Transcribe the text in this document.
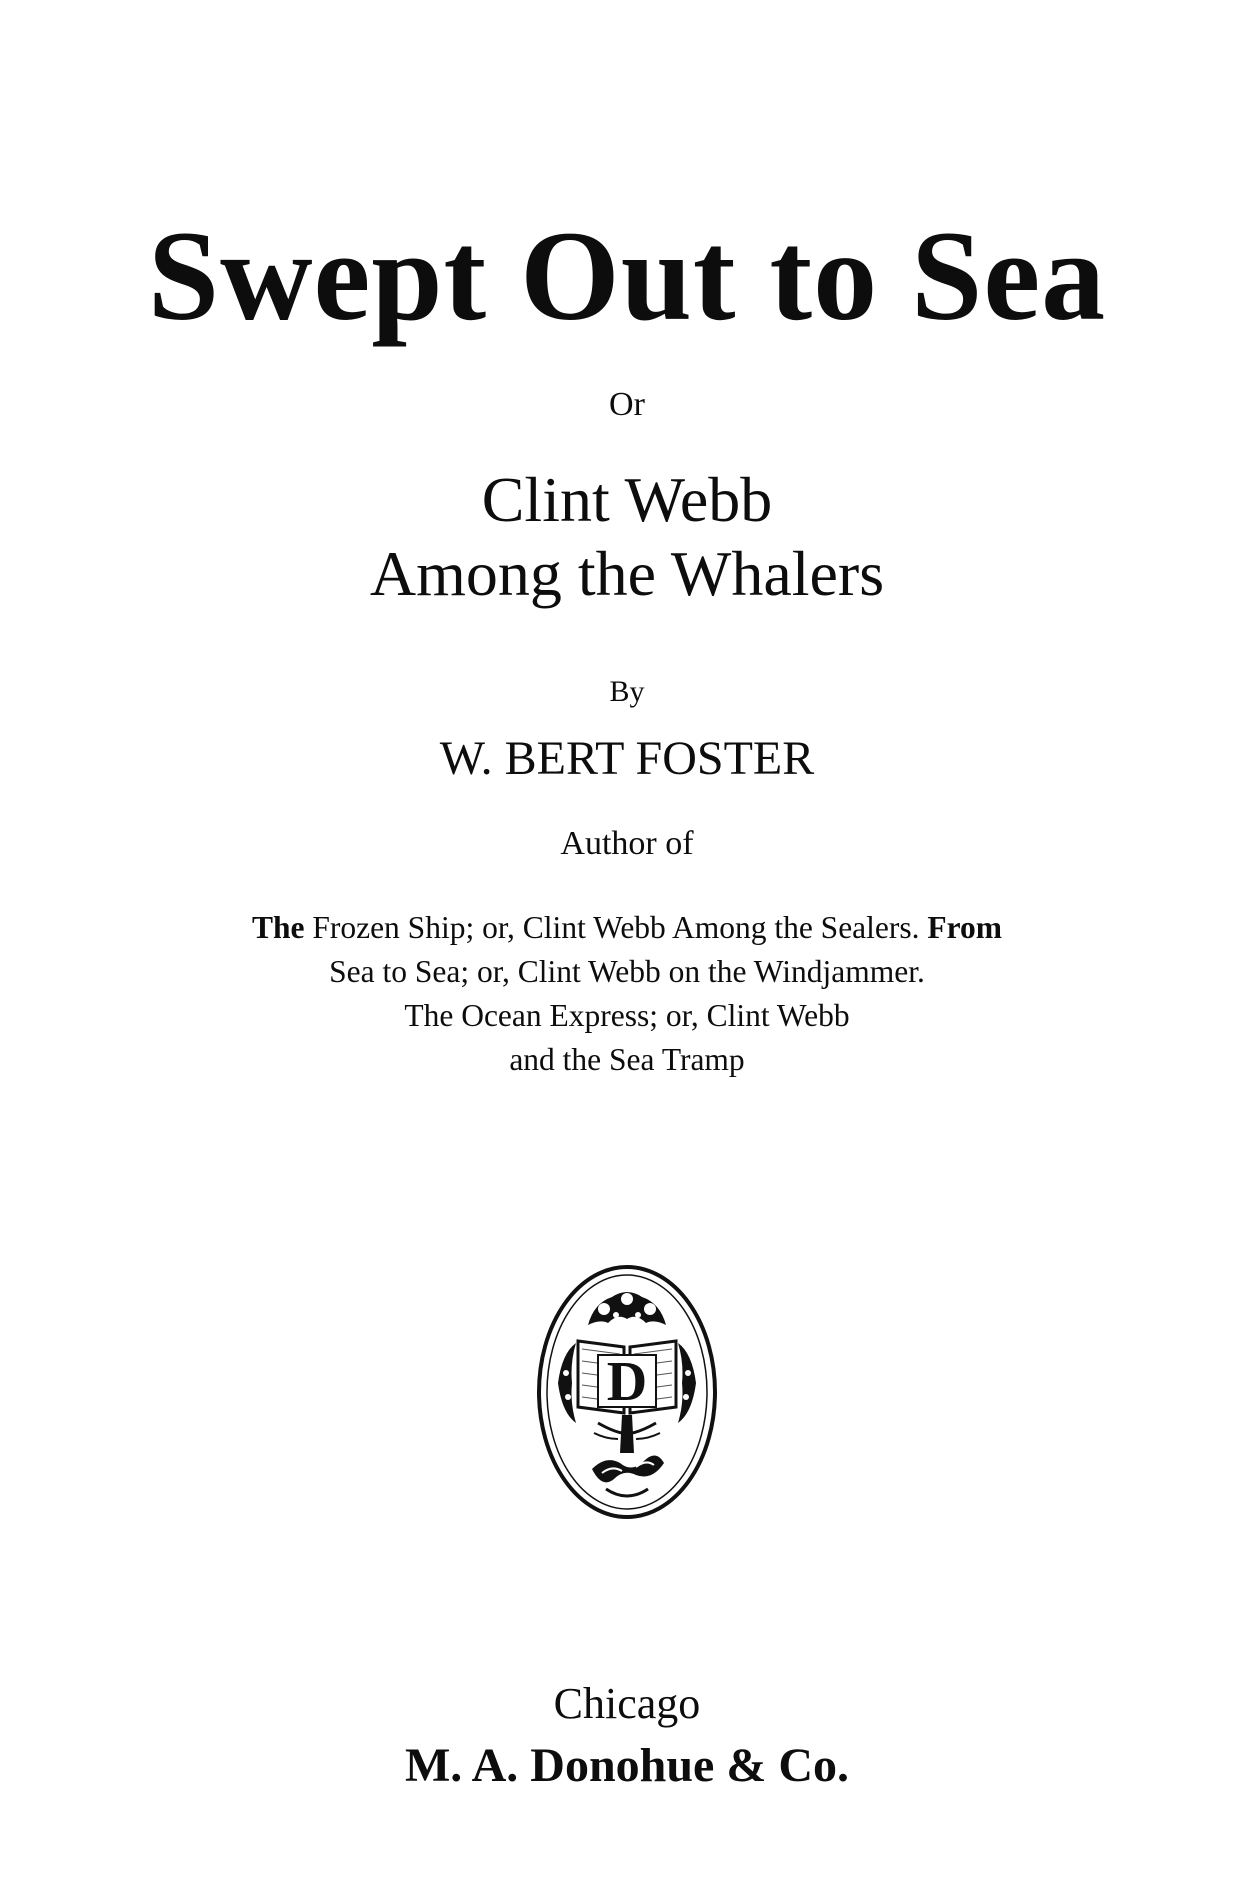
Swept Out to Sea

Or

Clint Webb

Among the Whalers

By

W. BERT FOSTER

Author of

The Frozen Ship; or, Clint Webb Among the Sealers. From
Sea to Sea; or, Clint Webb on the Windjammer.
The Ocean Express; or, Clint Webb
and the Sea Tramp
D

Chicago

M. A. Donohue & Co.
